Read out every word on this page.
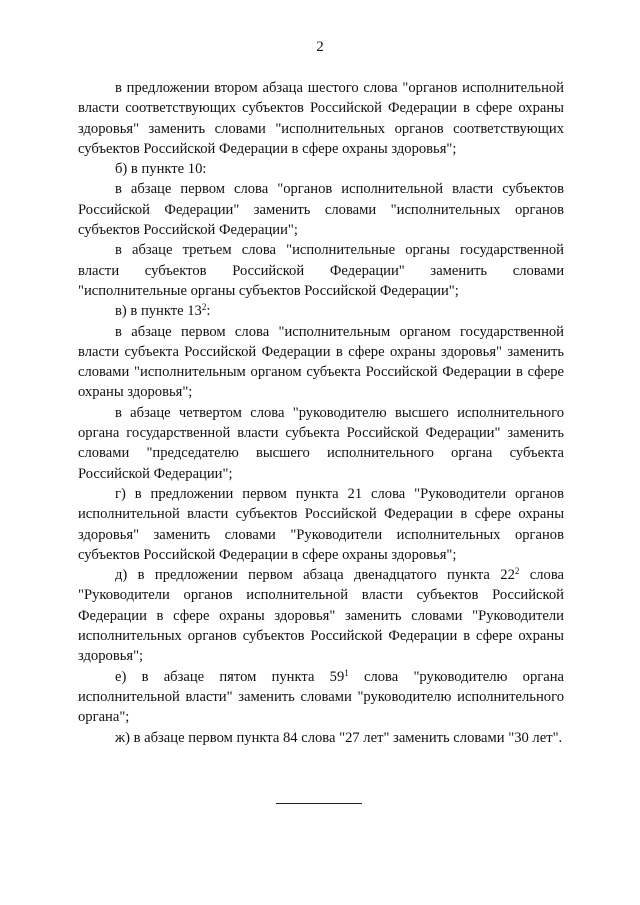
2

в предложении втором абзаца шестого слова "органов исполнительной власти соответствующих субъектов Российской Федерации в сфере охраны здоровья" заменить словами "исполнительных органов соответствующих субъектов Российской Федерации в сфере охраны здоровья";

б) в пункте 10:

в абзаце первом слова "органов исполнительной власти субъектов Российской Федерации" заменить словами "исполнительных органов субъектов Российской Федерации";

в абзаце третьем слова "исполнительные органы государственной власти субъектов Российской Федерации" заменить словами "исполнительные органы субъектов Российской Федерации";

в) в пункте $13^2$:

в абзаце первом слова "исполнительным органом государственной власти субъекта Российской Федерации в сфере охраны здоровья" заменить словами "исполнительным органом субъекта Российской Федерации в сфере охраны здоровья";

в абзаце четвертом слова "руководителю высшего исполнительного органа государственной власти субъекта Российской Федерации" заменить словами "председателю высшего исполнительного органа субъекта Российской Федерации";

г) в предложении первом пункта 21 слова "Руководители органов исполнительной власти субъектов Российской Федерации в сфере охраны здоровья" заменить словами "Руководители исполнительных органов субъектов Российской Федерации в сфере охраны здоровья";

д) в предложении первом абзаца двенадцатого пункта $22^2$ слова "Руководители органов исполнительной власти субъектов Российской Федерации в сфере охраны здоровья" заменить словами "Руководители исполнительных органов субъектов Российской Федерации в сфере охраны здоровья";

е) в абзаце пятом пункта $59^1$ слова "руководителю органа исполнительной власти" заменить словами "руководителю исполнительного органа";

ж) в абзаце первом пункта 84 слова "27 лет" заменить словами "30 лет".
